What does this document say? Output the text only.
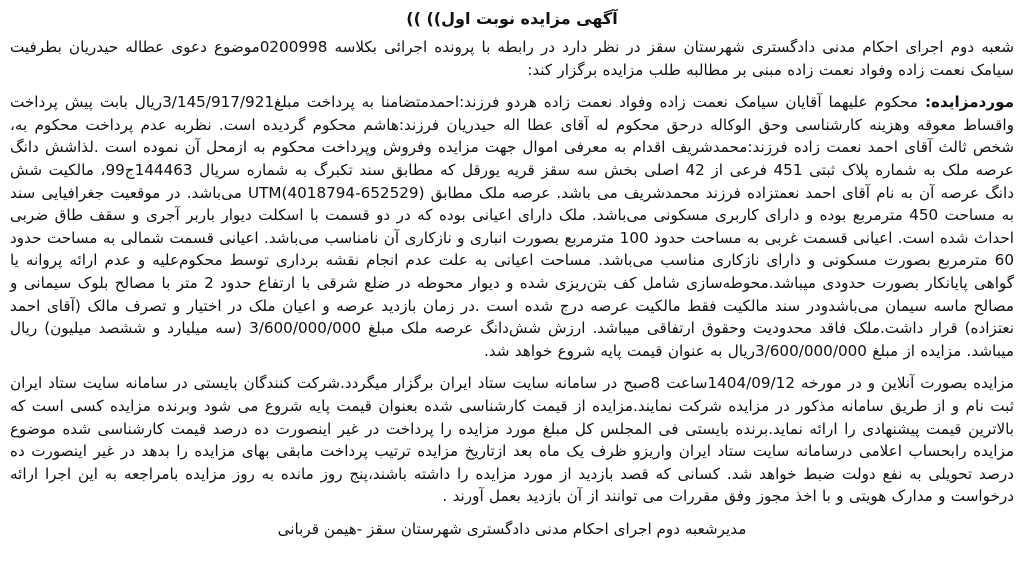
آگهی مزایده نوبت اول)) ))

شعبه دوم اجرای احکام مدنی دادگستری شهرستان سقز در نظر دارد در رابطه با پرونده اجرائی بکلاسه 0200998موضوع دعوی عطاله حیدریان بطرفیت سیامک نعمت زاده وفواد نعمت زاده مبنی بر مطالبه طلب مزایده برگزار کند:

موردمزایده: محکوم علیهما آقایان سیامک نعمت زاده وفواد نعمت زاده هردو فرزند:احمدمتضامنا به پرداخت مبلغ3/145/917/921ریال بابت پیش پرداخت واقساط معوقه وهزینه کارشناسی وحق الوکاله درحق محکوم له آقای عطا اله حیدریان فرزند:هاشم محکوم گردیده است. نظربه عدم پرداخت محکوم به، شخص ثالث آقای احمد نعمت زاده فرزند:محمدشریف اقدام به معرفی اموال جهت مزایده وفروش وپرداخت محکوم به ازمحل آن نموده است .لذاشش دانگ عرصه ملک به شماره پلاک ثبتی 451 فرعی از 42 اصلی بخش سه سقز قریه یورقل که مطابق سند تکبرگ به شماره سریال 144463ج99، مالکیت شش دانگ عرصه آن به نام آقای احمد نعمتزاده فرزند محمدشریف می باشد. عرصه ملک مطابق (652529-4018794)UTM می‌باشد. در موقعیت جغرافیایی سند به مساحت 450 مترمربع بوده و دارای کاربری مسکونی می‌باشد. ملک دارای اعیانی بوده که در دو قسمت با اسکلت دیوار باربر آجری و سقف طاق ضربی احداث شده است. اعیانی قسمت غربی به مساحت حدود 100 مترمربع بصورت انباری و نازکاری آن نامناسب می‌باشد. اعیانی قسمت شمالی به مساحت حدود 60 مترمربع بصورت مسکونی و دارای نازکاری مناسب می‌باشد. مساحت اعیانی به علت عدم انجام نقشه برداری توسط محکوم‌علیه و عدم ارائه پروانه یا گواهی پایانکار بصورت حدودی میباشد.محوطه‌سازی شامل کف بتن‌ریزی شده و دیوار محوطه در ضلع شرقی با ارتفاع حدود 2 متر با مصالح بلوک سیمانی و مصالح ماسه سیمان می‌باشدودر سند مالکیت فقط مالکیت عرصه درج شده است .در زمان بازدید عرصه و اعیان ملک در اختیار و تصرف مالک (آقای احمد نعتزاده) قرار داشت.ملک فاقد محدودیت وحقوق ارتفاقی میباشد. ارزش شش‌دانگ عرصه ملک مبلغ 3/600/000/000 (سه میلیارد و ششصد میلیون) ریال میباشد. مزایده از مبلغ 3/600/000/000ریال به عنوان قیمت پایه شروع خواهد شد.

مزایده بصورت آنلاین و در مورخه 1404/09/12ساعت 8صبح در سامانه سایت ستاد ایران برگزار میگردد.شرکت کنندگان بایستی در سامانه سایت ستاد ایران ثبت نام و از طریق سامانه مذکور در مزایده شرکت نمایند.مزایده از قیمت کارشناسی شده بعنوان قیمت پایه شروع می شود وبرنده مزایده کسی است که بالاترین قیمت پیشنهادی را ارائه نماید.برنده بایستی فی المجلس کل مبلغ مورد مزایده را پرداخت در غیر اینصورت ده درصد قیمت کارشناسی شده موضوع مزایده رابحساب اعلامی درسامانه سایت ستاد ایران واریزو ظرف یک ماه بعد ازتاریخ مزایده ترتیب پرداخت مابقی بهای مزایده را بدهد در غیر اینصورت ده درصد تحویلی به نفع دولت ضبط خواهد شد. کسانی که قصد بازدید از مورد مزایده را داشته باشند،پنج روز مانده به روز مزایده بامراجعه به این اجرا ارائه درخواست و مدارک هویتی و با اخذ مجوز وفق مقررات می توانند از آن بازدید بعمل آورند .

مدیرشعبه دوم اجرای احکام مدنی دادگستری شهرستان سقز -هیمن قربانی
